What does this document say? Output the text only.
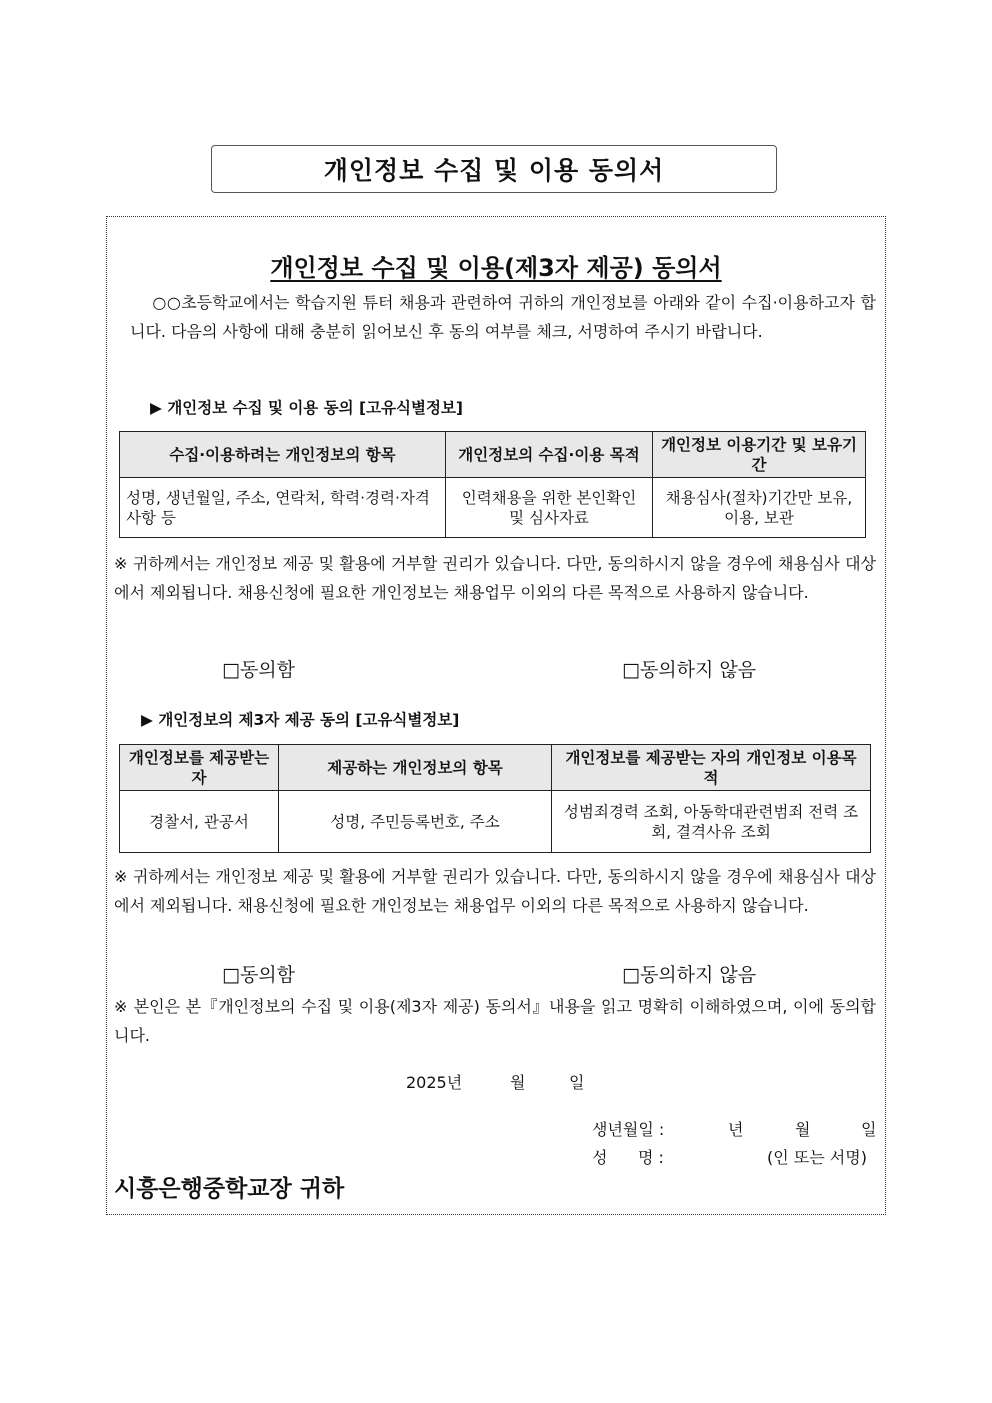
개인정보 수집 및 이용 동의서
개인정보 수집 및 이용(제3자 제공) 동의서
○○초등학교에서는 학습지원 튜터 채용과 관련하여 귀하의 개인정보를 아래와 같이 수집·이용하고자 합니다. 다음의 사항에 대해 충분히 읽어보신 후 동의 여부를 체크, 서명하여 주시기 바랍니다.
▶ 개인정보 수집 및 이용 동의 [고유식별정보]
수집·이용하려는 개인정보의 항목	개인정보의 수집·이용 목적	개인정보 이용기간 및 보유기간
성명, 생년월일, 주소, 연락처, 학력·경력·자격사항 등	인력채용을 위한 본인확인 및 심사자료	채용심사(절차)기간만 보유, 이용, 보관
※ 귀하께서는 개인정보 제공 및 활용에 거부할 권리가 있습니다. 다만, 동의하시지 않을 경우에 채용심사 대상에서 제외됩니다. 채용신청에 필요한 개인정보는 채용업무 이외의 다른 목적으로 사용하지 않습니다.
□동의함	□동의하지 않음
▶ 개인정보의 제3자 제공 동의 [고유식별정보]
개인정보를 제공받는자	제공하는 개인정보의 항목	개인정보를 제공받는 자의 개인정보 이용목적
경찰서, 관공서	성명, 주민등록번호, 주소	성범죄경력 조회, 아동학대관련범죄 전력 조회, 결격사유 조회
※ 귀하께서는 개인정보 제공 및 활용에 거부할 권리가 있습니다. 다만, 동의하시지 않을 경우에 채용심사 대상에서 제외됩니다. 채용신청에 필요한 개인정보는 채용업무 이외의 다른 목적으로 사용하지 않습니다.
□동의함	□동의하지 않음
※ 본인은 본『개인정보의 수집 및 이용(제3자 제공) 동의서』내용을 읽고 명확히 이해하였으며, 이에 동의합니다.
2025년	월	일
생년월일 :	년	월	일
성      명 :	(인 또는 서명)
시흥은행중학교장 귀하
